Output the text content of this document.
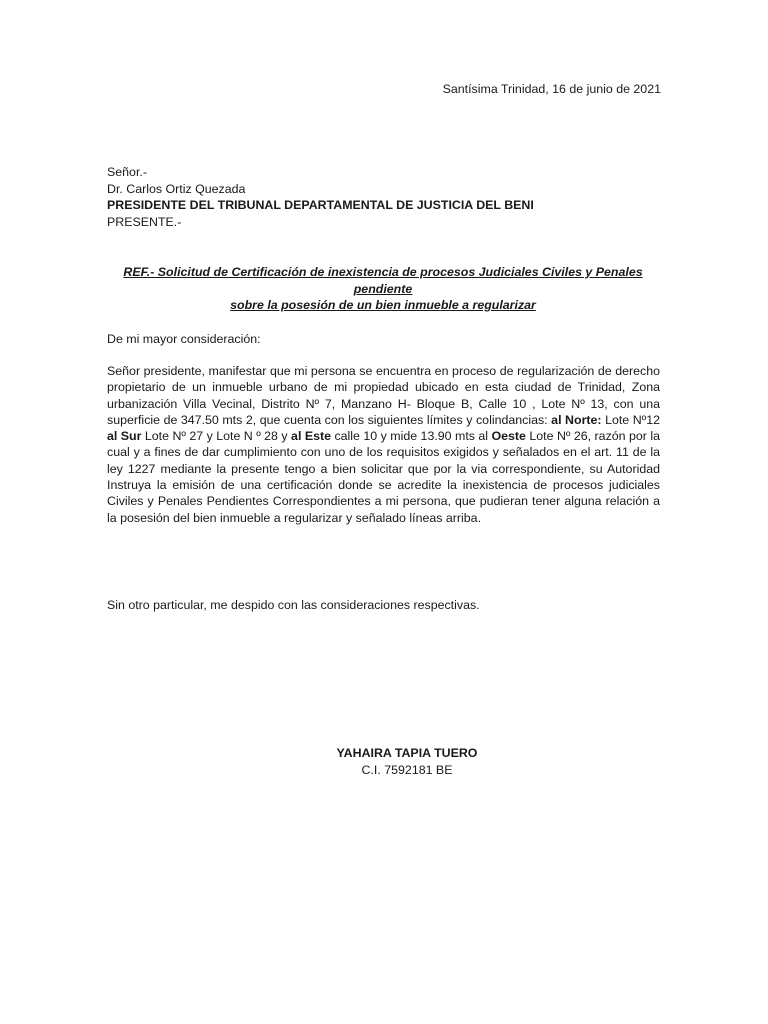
Santísima Trinidad, 16 de junio de 2021
Señor.-
Dr. Carlos Ortiz Quezada
PRESIDENTE DEL TRIBUNAL DEPARTAMENTAL DE JUSTICIA DEL BENI
PRESENTE.-
REF.- Solicitud de Certificación de inexistencia de procesos Judiciales Civiles y Penales pendiente
sobre la posesión de un bien inmueble a regularizar
De mi mayor consideración:
Señor presidente, manifestar que mi persona se encuentra en proceso de regularización de derecho propietario de un inmueble urbano de mi propiedad ubicado en esta ciudad de Trinidad, Zona urbanización Villa Vecinal, Distrito Nº 7, Manzano H- Bloque B, Calle 10 , Lote Nº 13, con una superficie de 347.50 mts 2, que cuenta con los siguientes límites y colindancias: al Norte: Lote Nº12 al Sur Lote Nº 27 y Lote N º 28 y al Este calle 10 y mide 13.90 mts al Oeste Lote Nº 26, razón por la cual y a fines de dar cumplimiento con uno de los requisitos exigidos y señalados en el art. 11 de la ley 1227 mediante la presente tengo a bien solicitar que por la via correspondiente, su Autoridad Instruya la emisión de una certificación donde se acredite la inexistencia de procesos judiciales Civiles y Penales Pendientes Correspondientes a mi persona, que pudieran tener alguna relación a la posesión del bien inmueble a regularizar y señalado líneas arriba.
Sin otro particular, me despido con las consideraciones respectivas.
YAHAIRA TAPIA TUERO
C.I. 7592181 BE
